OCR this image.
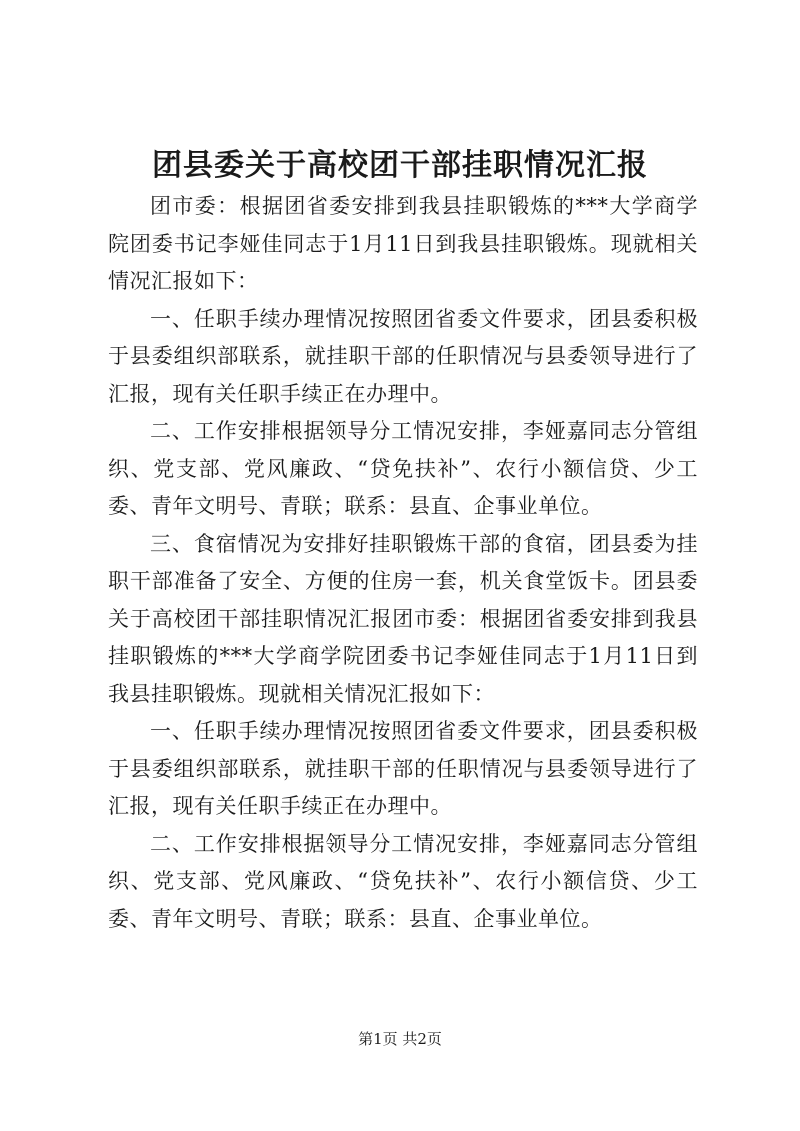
团县委关于高校团干部挂职情况汇报

团市委：根据团省委安排到我县挂职锻炼的***大学商学院团委书记李娅佳同志于1月11日到我县挂职锻炼。现就相关情况汇报如下：

一、任职手续办理情况按照团省委文件要求，团县委积极于县委组织部联系，就挂职干部的任职情况与县委领导进行了汇报，现有关任职手续正在办理中。

二、工作安排根据领导分工情况安排，李娅嘉同志分管组织、党支部、党风廉政、“贷免扶补”、农行小额信贷、少工委、青年文明号、青联；联系：县直、企事业单位。

三、食宿情况为安排好挂职锻炼干部的食宿，团县委为挂职干部准备了安全、方便的住房一套，机关食堂饭卡。团县委关于高校团干部挂职情况汇报团市委：根据团省委安排到我县挂职锻炼的***大学商学院团委书记李娅佳同志于1月11日到我县挂职锻炼。现就相关情况汇报如下：

一、任职手续办理情况按照团省委文件要求，团县委积极于县委组织部联系，就挂职干部的任职情况与县委领导进行了汇报，现有关任职手续正在办理中。

二、工作安排根据领导分工情况安排，李娅嘉同志分管组织、党支部、党风廉政、“贷免扶补”、农行小额信贷、少工委、青年文明号、青联；联系：县直、企事业单位。

第1页 共2页
